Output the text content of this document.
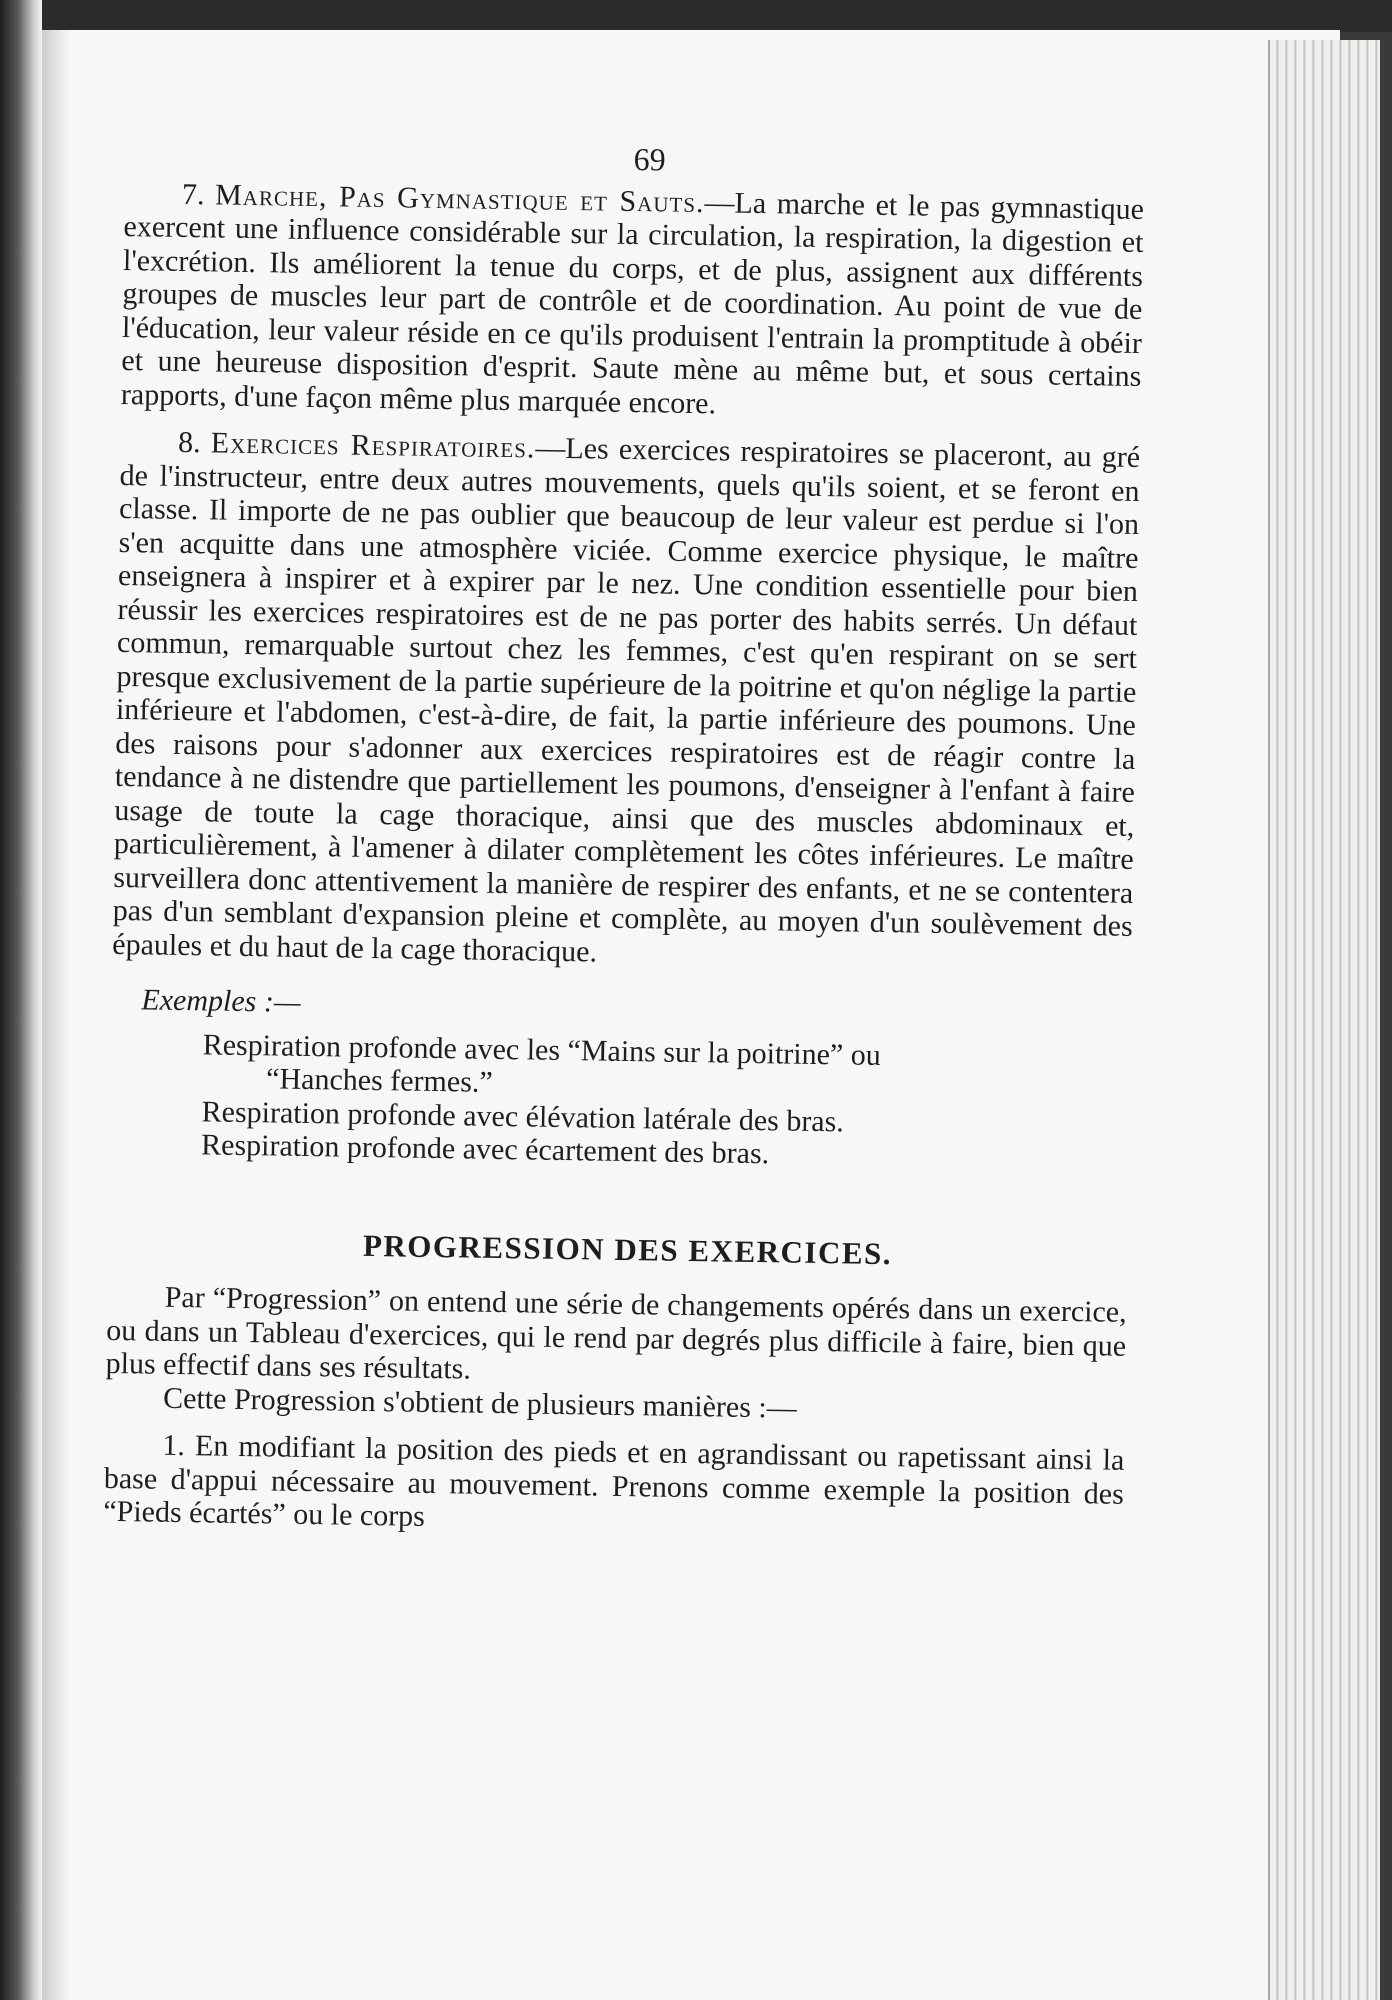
69

7. Marche, Pas Gymnastique et Sauts.—La marche et le pas gymnastique exercent une influence considérable sur la circulation, la respiration, la digestion et l'excrétion. Ils améliorent la tenue du corps, et de plus, assignent aux différents groupes de muscles leur part de contrôle et de coordination. Au point de vue de l'éducation, leur valeur réside en ce qu'ils produisent l'entrain la promptitude à obéir et une heureuse disposition d'esprit. Saute mène au même but, et sous certains rapports, d'une façon même plus marquée encore.

8. Exercices Respiratoires.—Les exercices respiratoires se placeront, au gré de l'instructeur, entre deux autres mouvements, quels qu'ils soient, et se feront en classe. Il importe de ne pas oublier que beaucoup de leur valeur est perdue si l'on s'en acquitte dans une atmosphère viciée. Comme exercice physique, le maître enseignera à inspirer et à expirer par le nez. Une condition essentielle pour bien réussir les exercices respiratoires est de ne pas porter des habits serrés. Un défaut commun, remarquable surtout chez les femmes, c'est qu'en respirant on se sert presque exclusivement de la partie supérieure de la poitrine et qu'on néglige la partie inférieure et l'abdomen, c'est-à-dire, de fait, la partie inférieure des poumons. Une des raisons pour s'adonner aux exercices respiratoires est de réagir contre la tendance à ne distendre que partiellement les poumons, d'enseigner à l'enfant à faire usage de toute la cage thoracique, ainsi que des muscles abdominaux et, particulièrement, à l'amener à dilater complètement les côtes inférieures. Le maître surveillera donc attentivement la manière de respirer des enfants, et ne se contentera pas d'un semblant d'expansion pleine et complète, au moyen d'un soulèvement des épaules et du haut de la cage thoracique.

Exemples :—

Respiration profonde avec les “Mains sur la poitrine” ou
“Hanches fermes.”
Respiration profonde avec élévation latérale des bras.
Respiration profonde avec écartement des bras.
PROGRESSION DES EXERCICES.

Par “Progression” on entend une série de changements opérés dans un exercice, ou dans un Tableau d'exercices, qui le rend par degrés plus difficile à faire, bien que plus effectif dans ses résultats.

Cette Progression s'obtient de plusieurs manières :—

1. En modifiant la position des pieds et en agrandissant ou rapetissant ainsi la base d'appui nécessaire au mouvement. Prenons comme exemple la position des “Pieds écartés” ou le corps
